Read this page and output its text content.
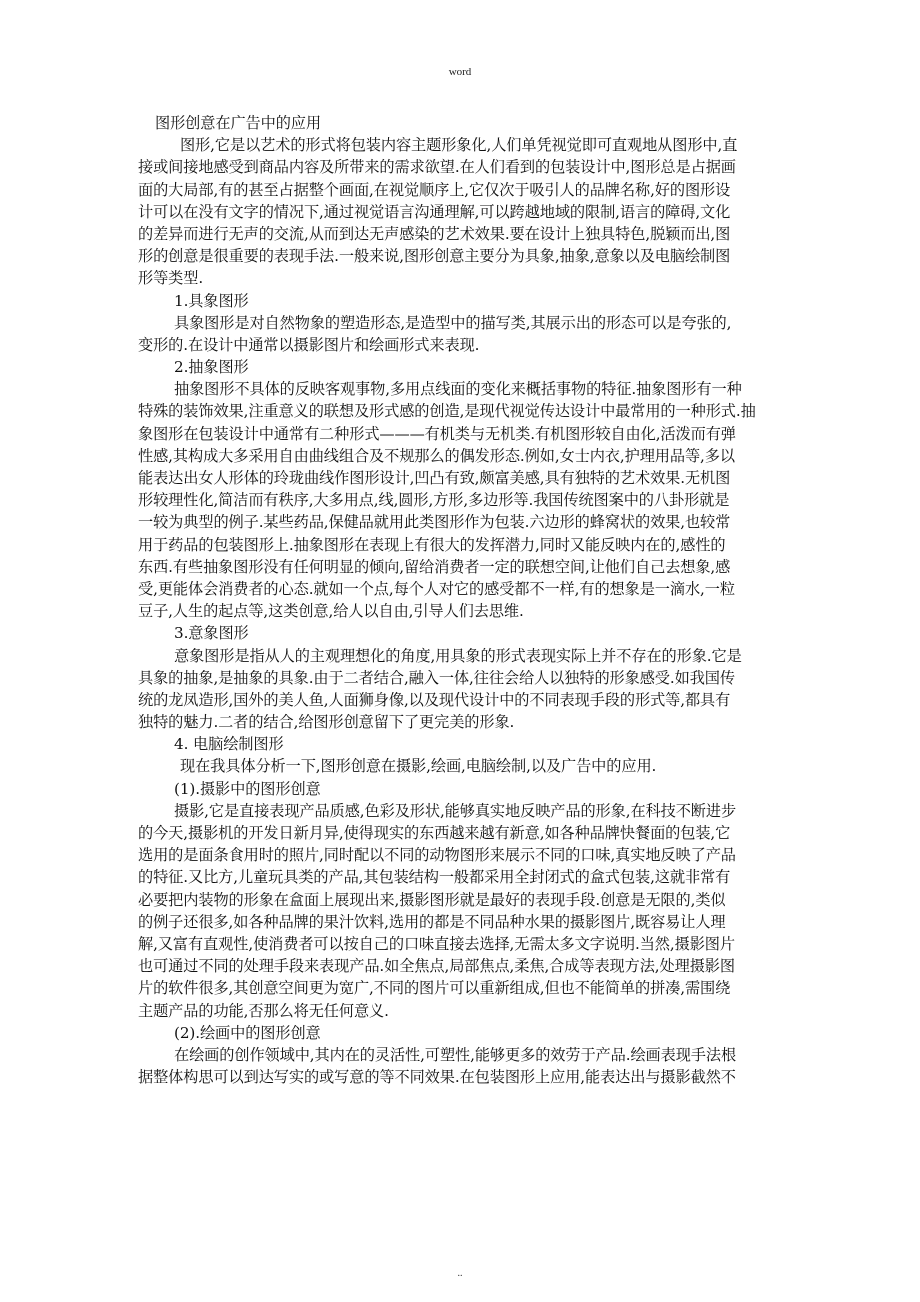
word
图形创意在广告中的应用
图形,它是以艺术的形式将包装内容主题形象化,人们单凭视觉即可直观地从图形中,直
接或间接地感受到商品内容及所带来的需求欲望.在人们看到的包装设计中,图形总是占据画
面的大局部,有的甚至占据整个画面,在视觉顺序上,它仅次于吸引人的品牌名称,好的图形设
计可以在没有文字的情况下,通过视觉语言沟通理解,可以跨越地域的限制,语言的障碍,文化
的差异而进行无声的交流,从而到达无声感染的艺术效果.要在设计上独具特色,脱颖而出,图
形的创意是很重要的表现手法.一般来说,图形创意主要分为具象,抽象,意象以及电脑绘制图
形等类型.
1.具象图形
具象图形是对自然物象的塑造形态,是造型中的描写类,其展示出的形态可以是夸张的,
变形的.在设计中通常以摄影图片和绘画形式来表现.
2.抽象图形
抽象图形不具体的反映客观事物,多用点线面的变化来概括事物的特征.抽象图形有一种
特殊的装饰效果,注重意义的联想及形式感的创造,是现代视觉传达设计中最常用的一种形式.抽
象图形在包装设计中通常有二种形式———有机类与无机类.有机图形较自由化,活泼而有弹
性感,其构成大多采用自由曲线组合及不规那么的偶发形态.例如,女士内衣,护理用品等,多以
能表达出女人形体的玲珑曲线作图形设计,凹凸有致,颇富美感,具有独特的艺术效果.无机图
形较理性化,简洁而有秩序,大多用点,线,圆形,方形,多边形等.我国传统图案中的八卦形就是
一较为典型的例子.某些药品,保健品就用此类图形作为包装.六边形的蜂窝状的效果,也较常
用于药品的包装图形上.抽象图形在表现上有很大的发挥潜力,同时又能反映内在的,感性的
东西.有些抽象图形没有任何明显的倾向,留给消费者一定的联想空间,让他们自己去想象,感
受,更能体会消费者的心态.就如一个点,每个人对它的感受都不一样,有的想象是一滴水,一粒
豆子,人生的起点等,这类创意,给人以自由,引导人们去思维.
3.意象图形
意象图形是指从人的主观理想化的角度,用具象的形式表现实际上并不存在的形象.它是
具象的抽象,是抽象的具象.由于二者结合,融入一体,往往会给人以独特的形象感受.如我国传
统的龙凤造形,国外的美人鱼,人面狮身像,以及现代设计中的不同表现手段的形式等,都具有
独特的魅力.二者的结合,给图形创意留下了更完美的形象.
4. 电脑绘制图形
现在我具体分析一下,图形创意在摄影,绘画,电脑绘制,以及广告中的应用.
(1).摄影中的图形创意
摄影,它是直接表现产品质感,色彩及形状,能够真实地反映产品的形象,在科技不断进步
的今天,摄影机的开发日新月异,使得现实的东西越来越有新意,如各种品牌快餐面的包装,它
选用的是面条食用时的照片,同时配以不同的动物图形来展示不同的口味,真实地反映了产品
的特征.又比方,儿童玩具类的产品,其包装结构一般都采用全封闭式的盒式包装,这就非常有
必要把内装物的形象在盒面上展现出来,摄影图形就是最好的表现手段.创意是无限的,类似
的例子还很多,如各种品牌的果汁饮料,选用的都是不同品种水果的摄影图片,既容易让人理
解,又富有直观性,使消费者可以按自己的口味直接去选择,无需太多文字说明.当然,摄影图片
也可通过不同的处理手段来表现产品.如全焦点,局部焦点,柔焦,合成等表现方法,处理摄影图
片的软件很多,其创意空间更为宽广,不同的图片可以重新组成,但也不能简单的拼凑,需围绕
主题产品的功能,否那么将无任何意义.
(2).绘画中的图形创意
在绘画的创作领域中,其内在的灵活性,可塑性,能够更多的效劳于产品.绘画表现手法根
据整体构思可以到达写实的或写意的等不同效果.在包装图形上应用,能表达出与摄影截然不
..
